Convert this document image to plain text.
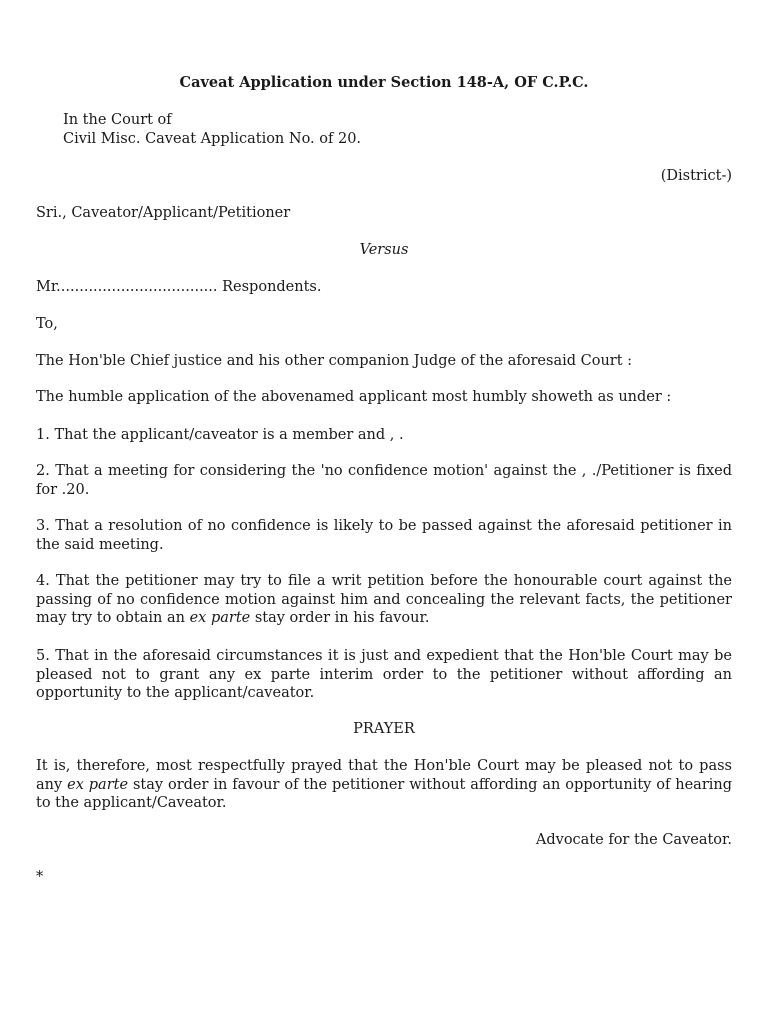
Caveat Application under Section 148-A, OF C.P.C.
In the Court of
Civil Misc. Caveat Application No. of 20.
(District-)
Sri., Caveator/Applicant/Petitioner
Versus
Mr................................... Respondents.
To,
The Hon'ble Chief justice and his other companion Judge of the aforesaid Court :
The humble application of the abovenamed applicant most humbly showeth as under :
1. That the applicant/caveator is a member and , .
2. That a meeting for considering the 'no confidence motion' against the , ./Petitioner is fixed for .20.
3. That a resolution of no confidence is likely to be passed against the aforesaid petitioner in the said meeting.
4. That the petitioner may try to file a writ petition before the honourable court against the passing of no confidence motion against him and concealing the relevant facts, the petitioner may try to obtain an ex parte stay order in his favour.
5. That in the aforesaid circumstances it is just and expedient that the Hon'ble Court may be pleased not to grant any ex parte interim order to the petitioner without affording an opportunity to the applicant/caveator.
PRAYER
It is, therefore, most respectfully prayed that the Hon'ble Court may be pleased not to pass any ex parte stay order in favour of the petitioner without affording an opportunity of hearing to the applicant/Caveator.
Advocate for the Caveator.
*
